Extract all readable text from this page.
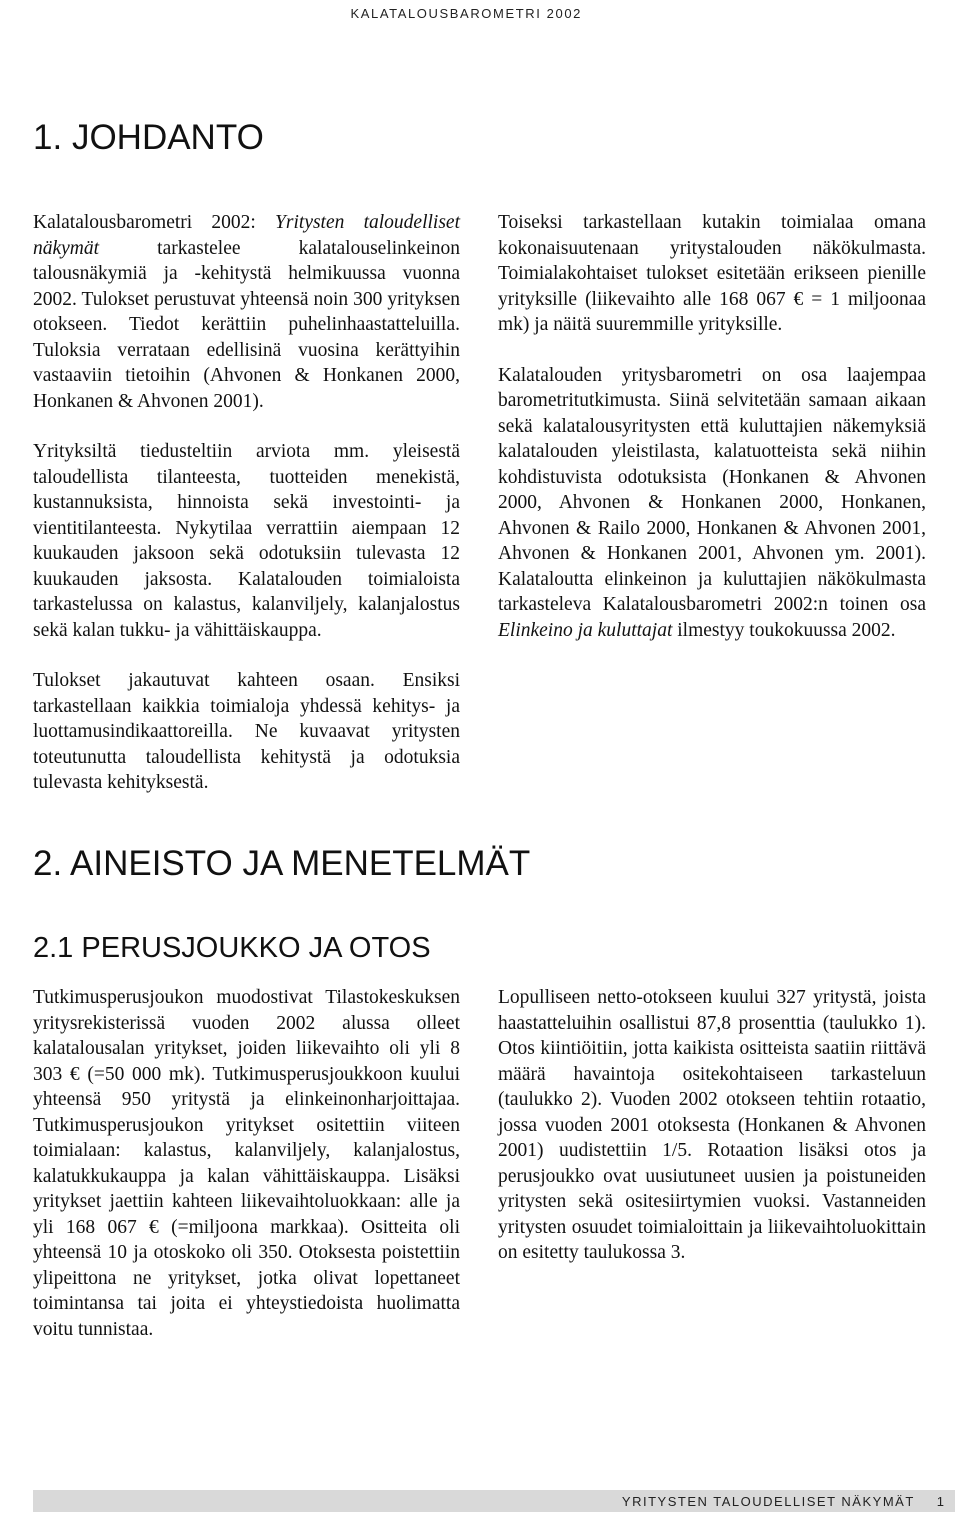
KALATALOUSBAROMETRI 2002
1. JOHDANTO

Kalatalousbarometri 2002: Yritysten taloudelliset näkymät tarkastelee kalatalouselinkeinon talousnäkymiä ja -kehitystä helmikuussa vuonna 2002. Tulokset perustuvat yhteensä noin 300 yrityksen otokseen. Tiedot kerättiin puhelinhaastatteluilla. Tuloksia verrataan edellisinä vuosina kerättyihin vastaaviin tietoihin (Ahvonen & Honkanen 2000, Honkanen & Ahvonen 2001).

Yrityksiltä tiedusteltiin arviota mm. yleisestä taloudellista tilanteesta, tuotteiden menekistä, kustannuksista, hinnoista sekä investointi- ja vientitilanteesta. Nykytilaa verrattiin aiempaan 12 kuukauden jaksoon sekä odotuksiin tulevasta 12 kuukauden jaksosta. Kalatalouden toimialoista tarkastelussa on kalastus, kalanviljely, kalanjalostus sekä kalan tukku- ja vähittäiskauppa.

Tulokset jakautuvat kahteen osaan. Ensiksi tarkastellaan kaikkia toimialoja yhdessä kehitys- ja luottamusindikaattoreilla. Ne kuvaavat yritysten toteutunutta taloudellista kehitystä ja odotuksia tulevasta kehityksestä.

Toiseksi tarkastellaan kutakin toimialaa omana kokonaisuutenaan yritystalouden näkökulmasta. Toimialakohtaiset tulokset esitetään erikseen pienille yrityksille (liikevaihto alle 168 067 € = 1 miljoonaa mk) ja näitä suuremmille yrityksille.

Kalatalouden yritysbarometri on osa laajempaa barometritutkimusta. Siinä selvitetään samaan aikaan sekä kalatalousyritysten että kuluttajien näkemyksiä kalatalouden yleistilasta, kalatuotteista sekä niihin kohdistuvista odotuksista (Honkanen & Ahvonen 2000, Ahvonen & Honkanen 2000, Honkanen, Ahvonen & Railo 2000, Honkanen & Ahvonen 2001, Ahvonen & Honkanen 2001, Ahvonen ym. 2001). Kalataloutta elinkeinon ja kuluttajien näkökulmasta tarkasteleva Kalatalousbarometri 2002:n toinen osa Elinkeino ja kuluttajat ilmestyy toukokuussa 2002.

2. AINEISTO JA MENETELMÄT
2.1 PERUSJOUKKO JA OTOS

Tutkimusperusjoukon muodostivat Tilastokeskuksen yritysrekisterissä vuoden 2002 alussa olleet kalatalousalan yritykset, joiden liikevaihto oli yli 8 303 € (=50 000 mk). Tutkimusperusjoukkoon kuului yhteensä 950 yritystä ja elinkeinonharjoittajaa. Tutkimusperusjoukon yritykset ositettiin viiteen toimialaan: kalastus, kalanviljely, kalanjalostus, kalatukkukauppa ja kalan vähittäiskauppa. Lisäksi yritykset jaettiin kahteen liikevaihtoluokkaan: alle ja yli 168 067 € (=miljoona markkaa). Ositteita oli yhteensä 10 ja otoskoko oli 350. Otoksesta poistettiin ylipeittona ne yritykset, jotka olivat lopettaneet toimintansa tai joita ei yhteystiedoista huolimatta voitu tunnistaa.

Lopulliseen netto-otokseen kuului 327 yritystä, joista haastatteluihin osallistui 87,8 prosenttia (taulukko 1). Otos kiintiöitiin, jotta kaikista ositteista saatiin riittävä määrä havaintoja ositekohtaiseen tarkasteluun (taulukko 2). Vuoden 2002 otokseen tehtiin rotaatio, jossa vuoden 2001 otoksesta (Honkanen & Ahvonen 2001) uudistettiin 1/5. Rotaation lisäksi otos ja perusjoukko ovat uusiutuneet uusien ja poistuneiden yritysten sekä ositesiirtymien vuoksi. Vastanneiden yritysten osuudet toimialoittain ja liikevaihtoluokittain on esitetty taulukossa 3.

YRITYSTEN TALOUDELLISET NÄKYMÄT 1
